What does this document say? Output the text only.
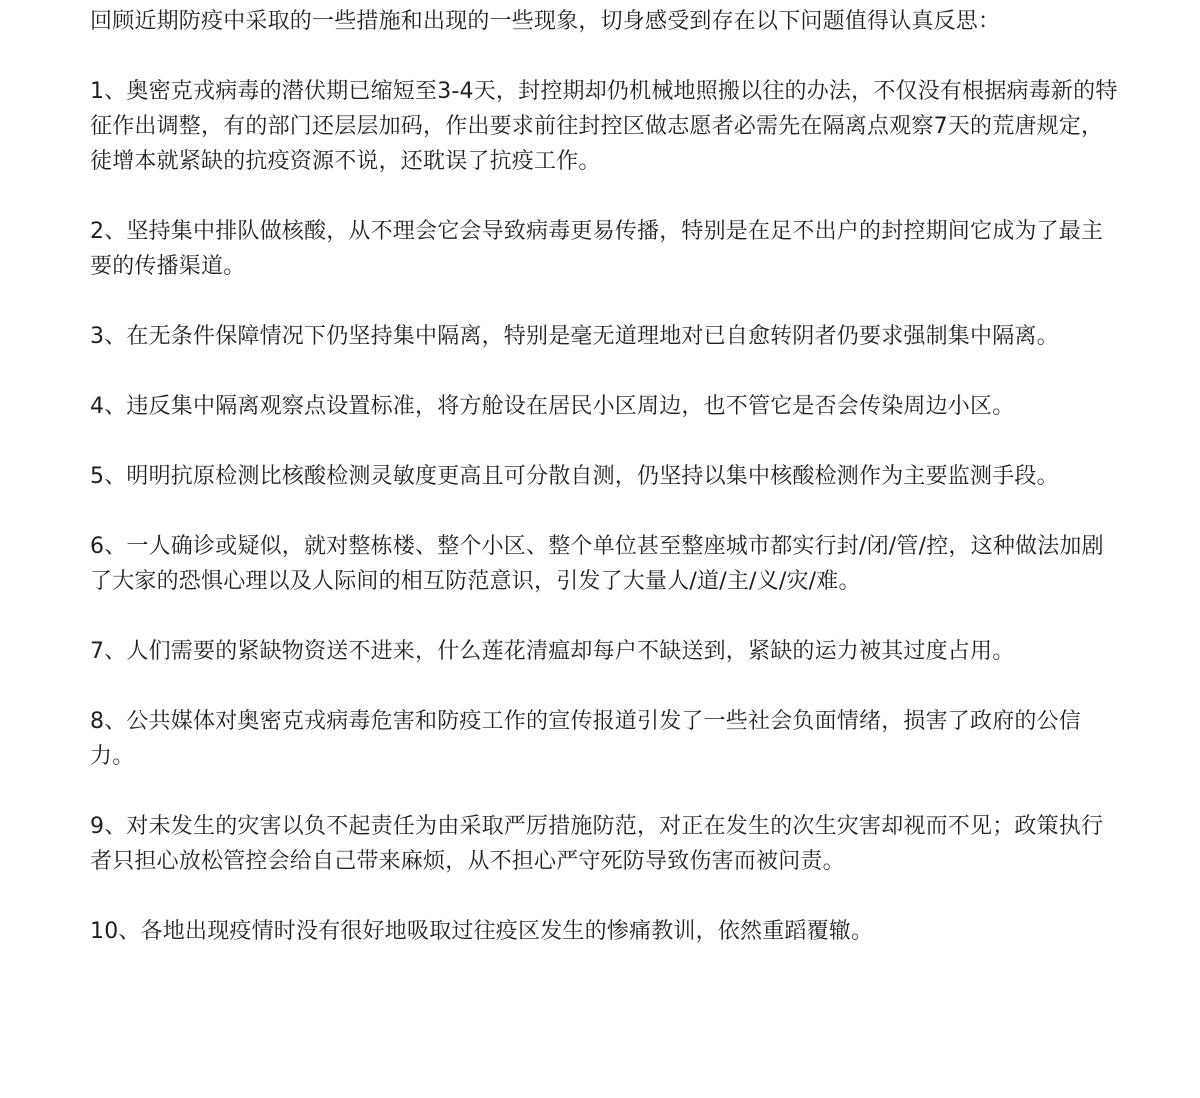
回顾近期防疫中采取的一些措施和出现的一些现象，切身感受到存在以下问题值得认真反思：

1、奥密克戎病毒的潜伏期已缩短至3-4天，封控期却仍机械地照搬以往的办法，不仅没有根据病毒新的特征作出调整，有的部门还层层加码，作出要求前往封控区做志愿者必需先在隔离点观察7天的荒唐规定，徒增本就紧缺的抗疫资源不说，还耽误了抗疫工作。

2、坚持集中排队做核酸，从不理会它会导致病毒更易传播，特别是在足不出户的封控期间它成为了最主要的传播渠道。

3、在无条件保障情况下仍坚持集中隔离，特别是毫无道理地对已自愈转阴者仍要求强制集中隔离。

4、违反集中隔离观察点设置标准，将方舱设在居民小区周边，也不管它是否会传染周边小区。

5、明明抗原检测比核酸检测灵敏度更高且可分散自测，仍坚持以集中核酸检测作为主要监测手段。

6、一人确诊或疑似，就对整栋楼、整个小区、整个单位甚至整座城市都实行封/闭/管/控，这种做法加剧了大家的恐惧心理以及人际间的相互防范意识，引发了大量人/道/主/义/灾/难。

7、人们需要的紧缺物资送不进来，什么莲花清瘟却每户不缺送到，紧缺的运力被其过度占用。

8、公共媒体对奥密克戎病毒危害和防疫工作的宣传报道引发了一些社会负面情绪，损害了政府的公信力。

9、对未发生的灾害以负不起责任为由采取严厉措施防范，对正在发生的次生灾害却视而不见；政策执行者只担心放松管控会给自己带来麻烦，从不担心严守死防导致伤害而被问责。

10、各地出现疫情时没有很好地吸取过往疫区发生的惨痛教训，依然重蹈覆辙。
